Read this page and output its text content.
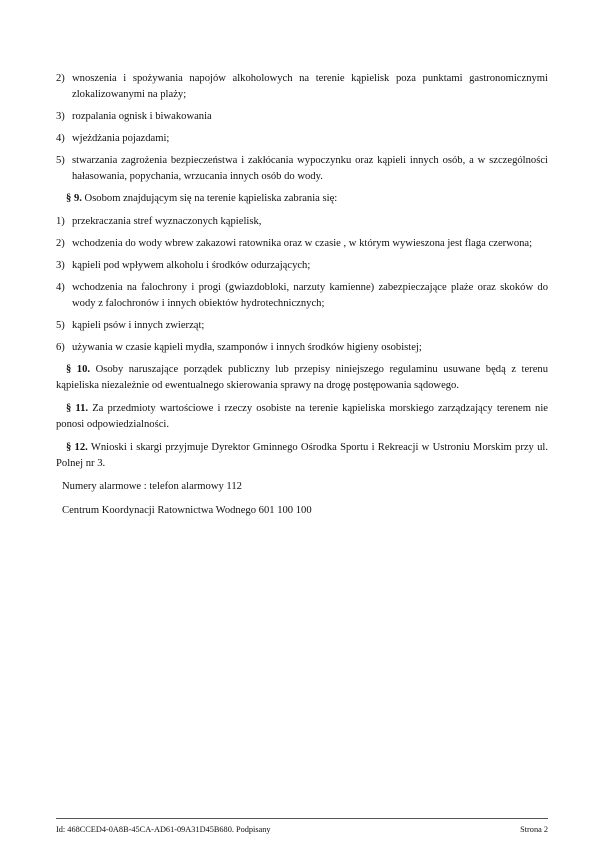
2) wnoszenia i spożywania napojów alkoholowych na terenie kąpielisk poza punktami gastronomicznymi zlokalizowanymi na plaży;
3) rozpalania ognisk i biwakowania
4) wjeżdżania pojazdami;
5) stwarzania zagrożenia bezpieczeństwa i zakłócania wypoczynku oraz kąpieli innych osób, a w szczególności hałasowania, popychania, wrzucania innych osób do wody.
§ 9. Osobom znajdującym się na terenie kąpieliska zabrania się:
1) przekraczania stref wyznaczonych kąpielisk,
2) wchodzenia do wody wbrew zakazowi ratownika oraz w czasie , w którym wywieszona jest flaga czerwona;
3) kąpieli pod wpływem alkoholu i środków odurzających;
4) wchodzenia na falochrony i progi (gwiazdobloki, narzuty kamienne) zabezpieczające plaże oraz skoków do wody z falochronów i innych obiektów hydrotechnicznych;
5) kąpieli psów i innych zwierząt;
6) używania w czasie kąpieli mydła, szamponów i innych środków higieny osobistej;
§ 10. Osoby naruszające porządek publiczny lub przepisy niniejszego regulaminu usuwane będą z terenu kąpieliska niezależnie od ewentualnego skierowania sprawy na drogę postępowania sądowego.
§ 11. Za przedmioty wartościowe i rzeczy osobiste na terenie kąpieliska morskiego zarządzający terenem nie ponosi odpowiedzialności.
§ 12. Wnioski i skargi przyjmuje Dyrektor Gminnego Ośrodka Sportu i Rekreacji w Ustroniu Morskim przy ul. Polnej nr 3.
Numery alarmowe : telefon alarmowy 112
Centrum Koordynacji Ratownictwa Wodnego 601 100 100
Id: 468CCED4-0A8B-45CA-AD61-09A31D45B680. Podpisany	Strona 2
